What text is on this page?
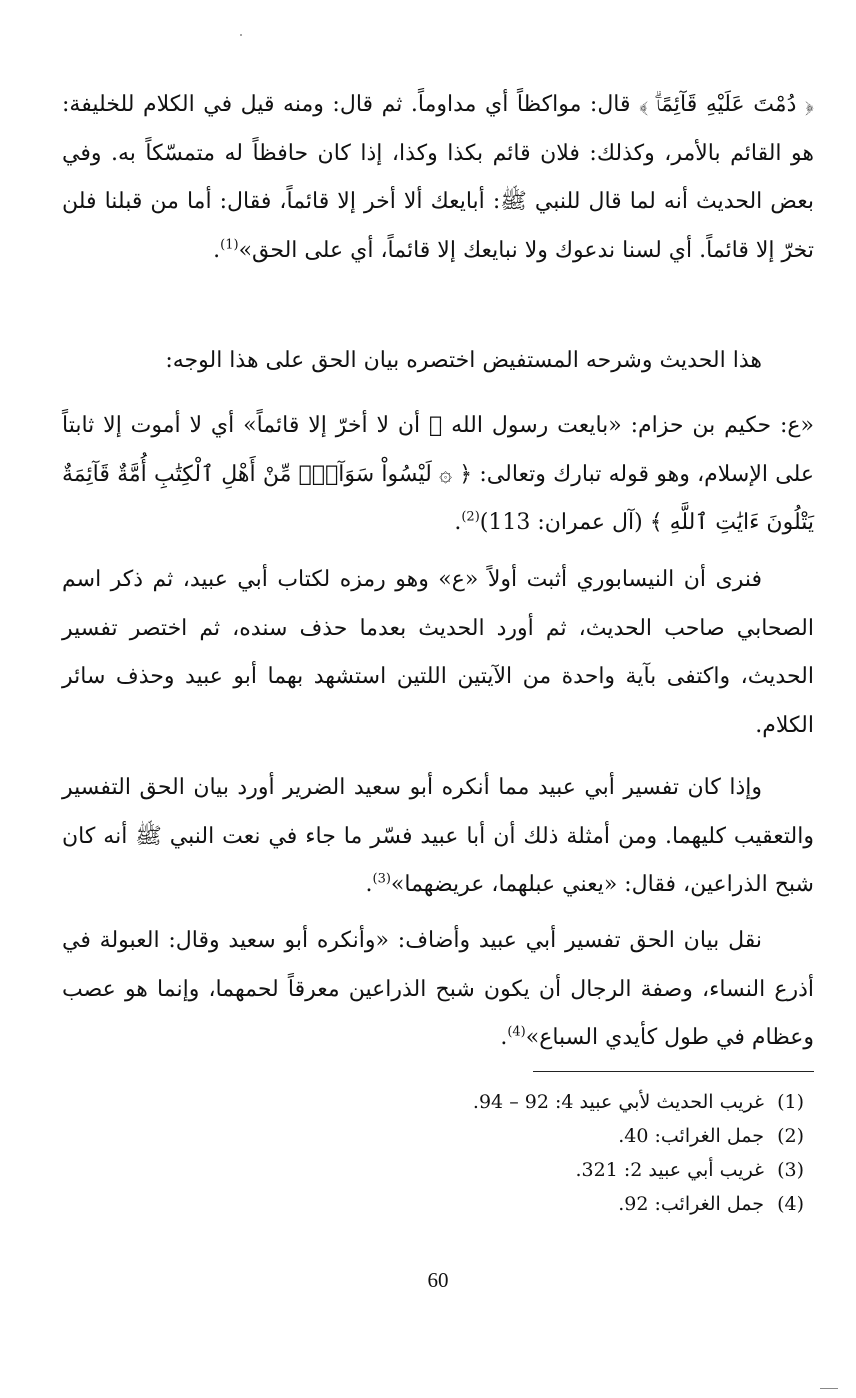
﴿ دُمْتَ عَلَيْهِ قَآئِمًاۗ ﴾ قال: مواكظاً أي مداوماً. ثم قال: ومنه قيل في الكلام للخليفة: هو القائم بالأمر، وكذلك: فلان قائم بكذا وكذا، إذا كان حافظاً له متمسّكاً به. وفي بعض الحديث أنه لما قال للنبي ﷺ: أبايعك ألا أخر إلا قائماً، فقال: أما من قبلنا فلن تخرّ إلا قائماً. أي لسنا ندعوك ولا نبايعك إلا قائماً، أي على الحق»$^{(1)}$.
هذا الحديث وشرحه المستفيض اختصره بيان الحق على هذا الوجه:
«ع: حكيم بن حزام: «بايعت رسول الله ﷺ أن لا أخرّ إلا قائماً» أي لا أموت إلا ثابتاً على الإسلام، وهو قوله تبارك وتعالى: ﴿ ۞ لَيْسُواْ سَوَآءًۗ مِّنْ أَهْلِ ٱلْكِتَٰبِ أُمَّةٌ قَآئِمَةٌ يَتْلُونَ ءَايَٰتِ ٱللَّهِ ﴾ (آل عمران: 113)$^{(2)}$.
فنرى أن النيسابوري أثبت أولاً «ع» وهو رمزه لكتاب أبي عبيد، ثم ذكر اسم الصحابي صاحب الحديث، ثم أورد الحديث بعدما حذف سنده، ثم اختصر تفسير الحديث، واكتفى بآية واحدة من الآيتين اللتين استشهد بهما أبو عبيد وحذف سائر الكلام.
وإذا كان تفسير أبي عبيد مما أنكره أبو سعيد الضرير أورد بيان الحق التفسير والتعقيب كليهما. ومن أمثلة ذلك أن أبا عبيد فسّر ما جاء في نعت النبي ﷺ أنه كان شبح الذراعين، فقال: «يعني عبلهما، عريضهما»$^{(3)}$.
نقل بيان الحق تفسير أبي عبيد وأضاف: «وأنكره أبو سعيد وقال: العبولة في أذرع النساء، وصفة الرجال أن يكون شبح الذراعين معرقاً لحمهما، وإنما هو عصب وعظام في طول كأيدي السباع»$^{(4)}$.
(1)غريب الحديث لأبي عبيد 4: 92 – 94.
(2)جمل الغرائب: 40.
(3)غريب أبي عبيد 2: 321.
(4)جمل الغرائب: 92.
60
